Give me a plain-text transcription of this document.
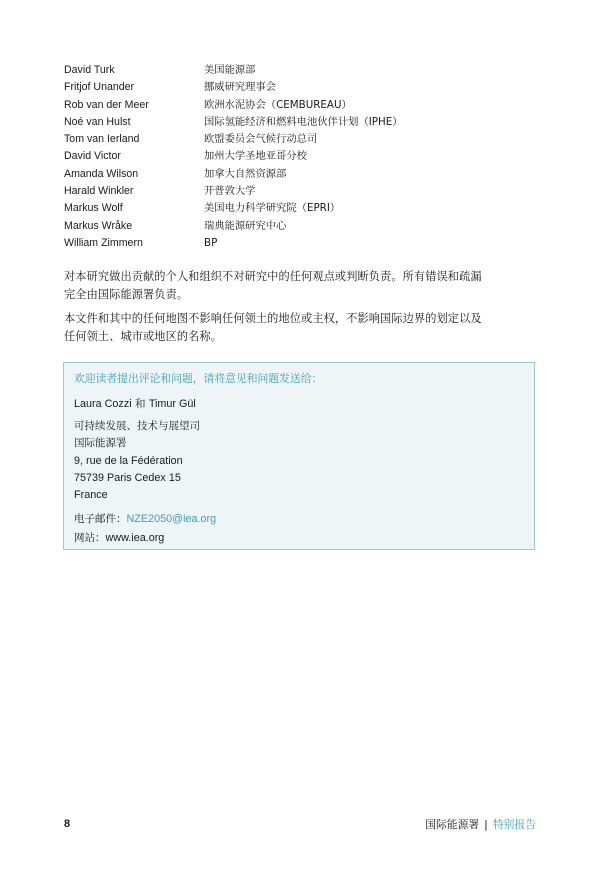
David Turk	美国能源部
Fritjof Unander	挪威研究理事会
Rob van der Meer	欧洲水泥协会（CEMBUREAU）
Noé van Hulst	国际氢能经济和燃料电池伙伴计划（IPHE）
Tom van Ierland	欧盟委员会气候行动总司
David Victor	加州大学圣地亚哥分校
Amanda Wilson	加拿大自然资源部
Harald Winkler	开普敦大学
Markus Wolf	美国电力科学研究院（EPRI）
Markus Wråke	瑞典能源研究中心
William Zimmern	BP
对本研究做出贡献的个人和组织不对研究中的任何观点或判断负责。所有错误和疏漏
完全由国际能源署负责。
本文件和其中的任何地图不影响任何领土的地位或主权，不影响国际边界的划定以及
任何领土、城市或地区的名称。
欢迎读者提出评论和问题，请将意见和问题发送给：
Laura Cozzi 和 Timur Gül
可持续发展、技术与展望司
国际能源署
9, rue de la Fédération
75739 Paris Cedex 15
France
电子邮件：NZE2050@iea.org
网站：www.iea.org
8	国际能源署 | 特别报告
